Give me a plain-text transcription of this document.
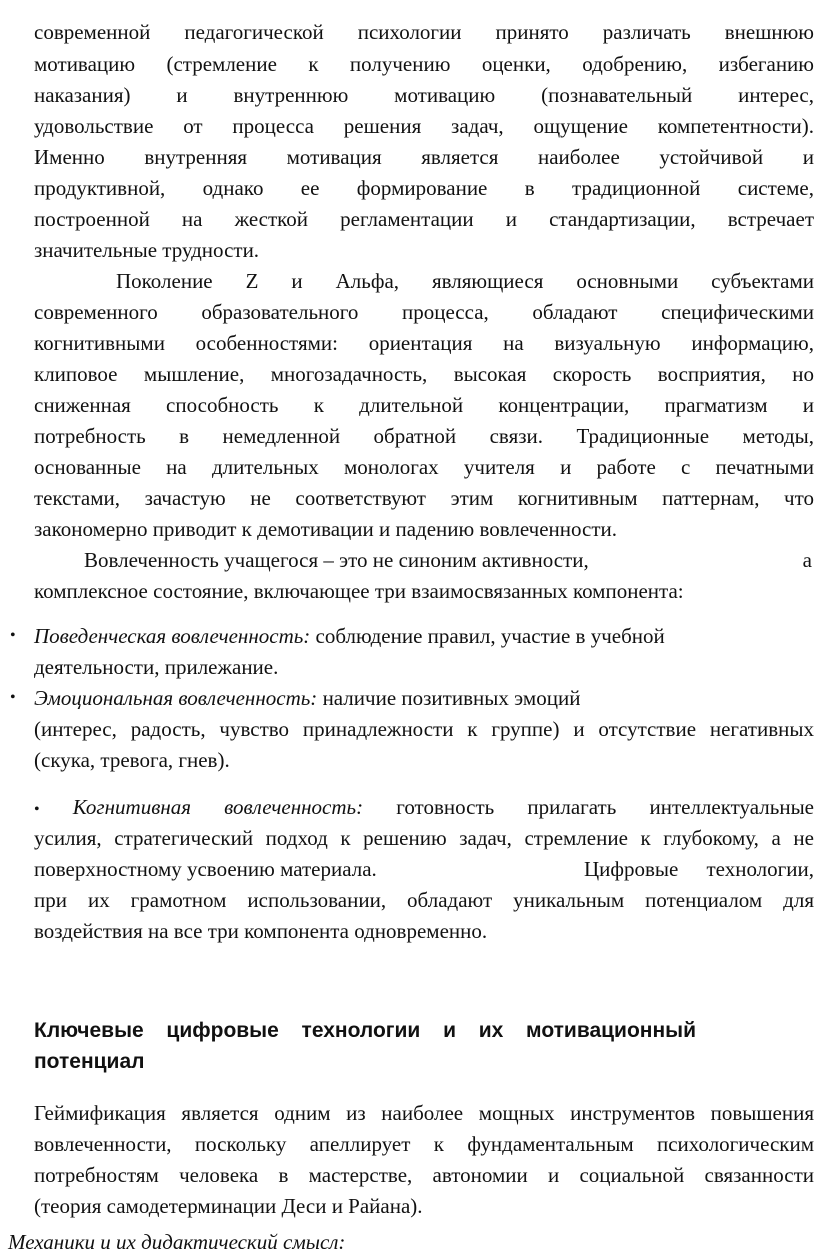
современной педагогической психологии принято различать внешнюю
мотивацию (стремление к получению оценки, одобрению, избеганию
наказания) и внутреннюю мотивацию (познавательный интерес,
удовольствие от процесса решения задач, ощущение компетентности).
Именно внутренняя мотивация является наиболее устойчивой и
продуктивной, однако ее формирование в традиционной системе,
построенной на жесткой регламентации и стандартизации, встречает
значительные трудности.
Поколение Z и Альфа, являющиеся основными субъектами
современного образовательного процесса, обладают специфическими
когнитивными особенностями: ориентация на визуальную информацию,
клиповое мышление, многозадачность, высокая скорость восприятия, но
сниженная способность к длительной концентрации, прагматизм и
потребность в немедленной обратной связи. Традиционные методы,
основанные на длительных монологах учителя и работе с печатными
текстами, зачастую не соответствуют этим когнитивным паттернам, что
закономерно приводит к демотивации и падению вовлеченности.
Вовлеченность учащегося – это не синоним активности,	а
комплексное состояние, включающее три взаимосвязанных компонента:
• Поведенческая вовлеченность: соблюдение правил, участие в учебной
деятельности, прилежание.
• Эмоциональная вовлеченность: наличие позитивных эмоций
(интерес, радость, чувство принадлежности к группе) и отсутствие негативных
(скука, тревога, гнев).
• Когнитивная вовлеченность: готовность прилагать интеллектуальные
усилия, стратегический подход к решению задач, стремление к глубокому, а не
поверхностному усвоению материала.	Цифровые технологии,
при их грамотном использовании, обладают уникальным потенциалом для
воздействия на все три компонента одновременно.
Ключевые цифровые технологии и их мотивационный
потенциал
Геймификация является одним из наиболее мощных инструментов повышения
вовлеченности, поскольку апеллирует к фундаментальным психологическим
потребностям человека в мастерстве, автономии и социальной связанности
(теория самодетерминации Деси и Райана).
Механики и их дидактический смысл:
